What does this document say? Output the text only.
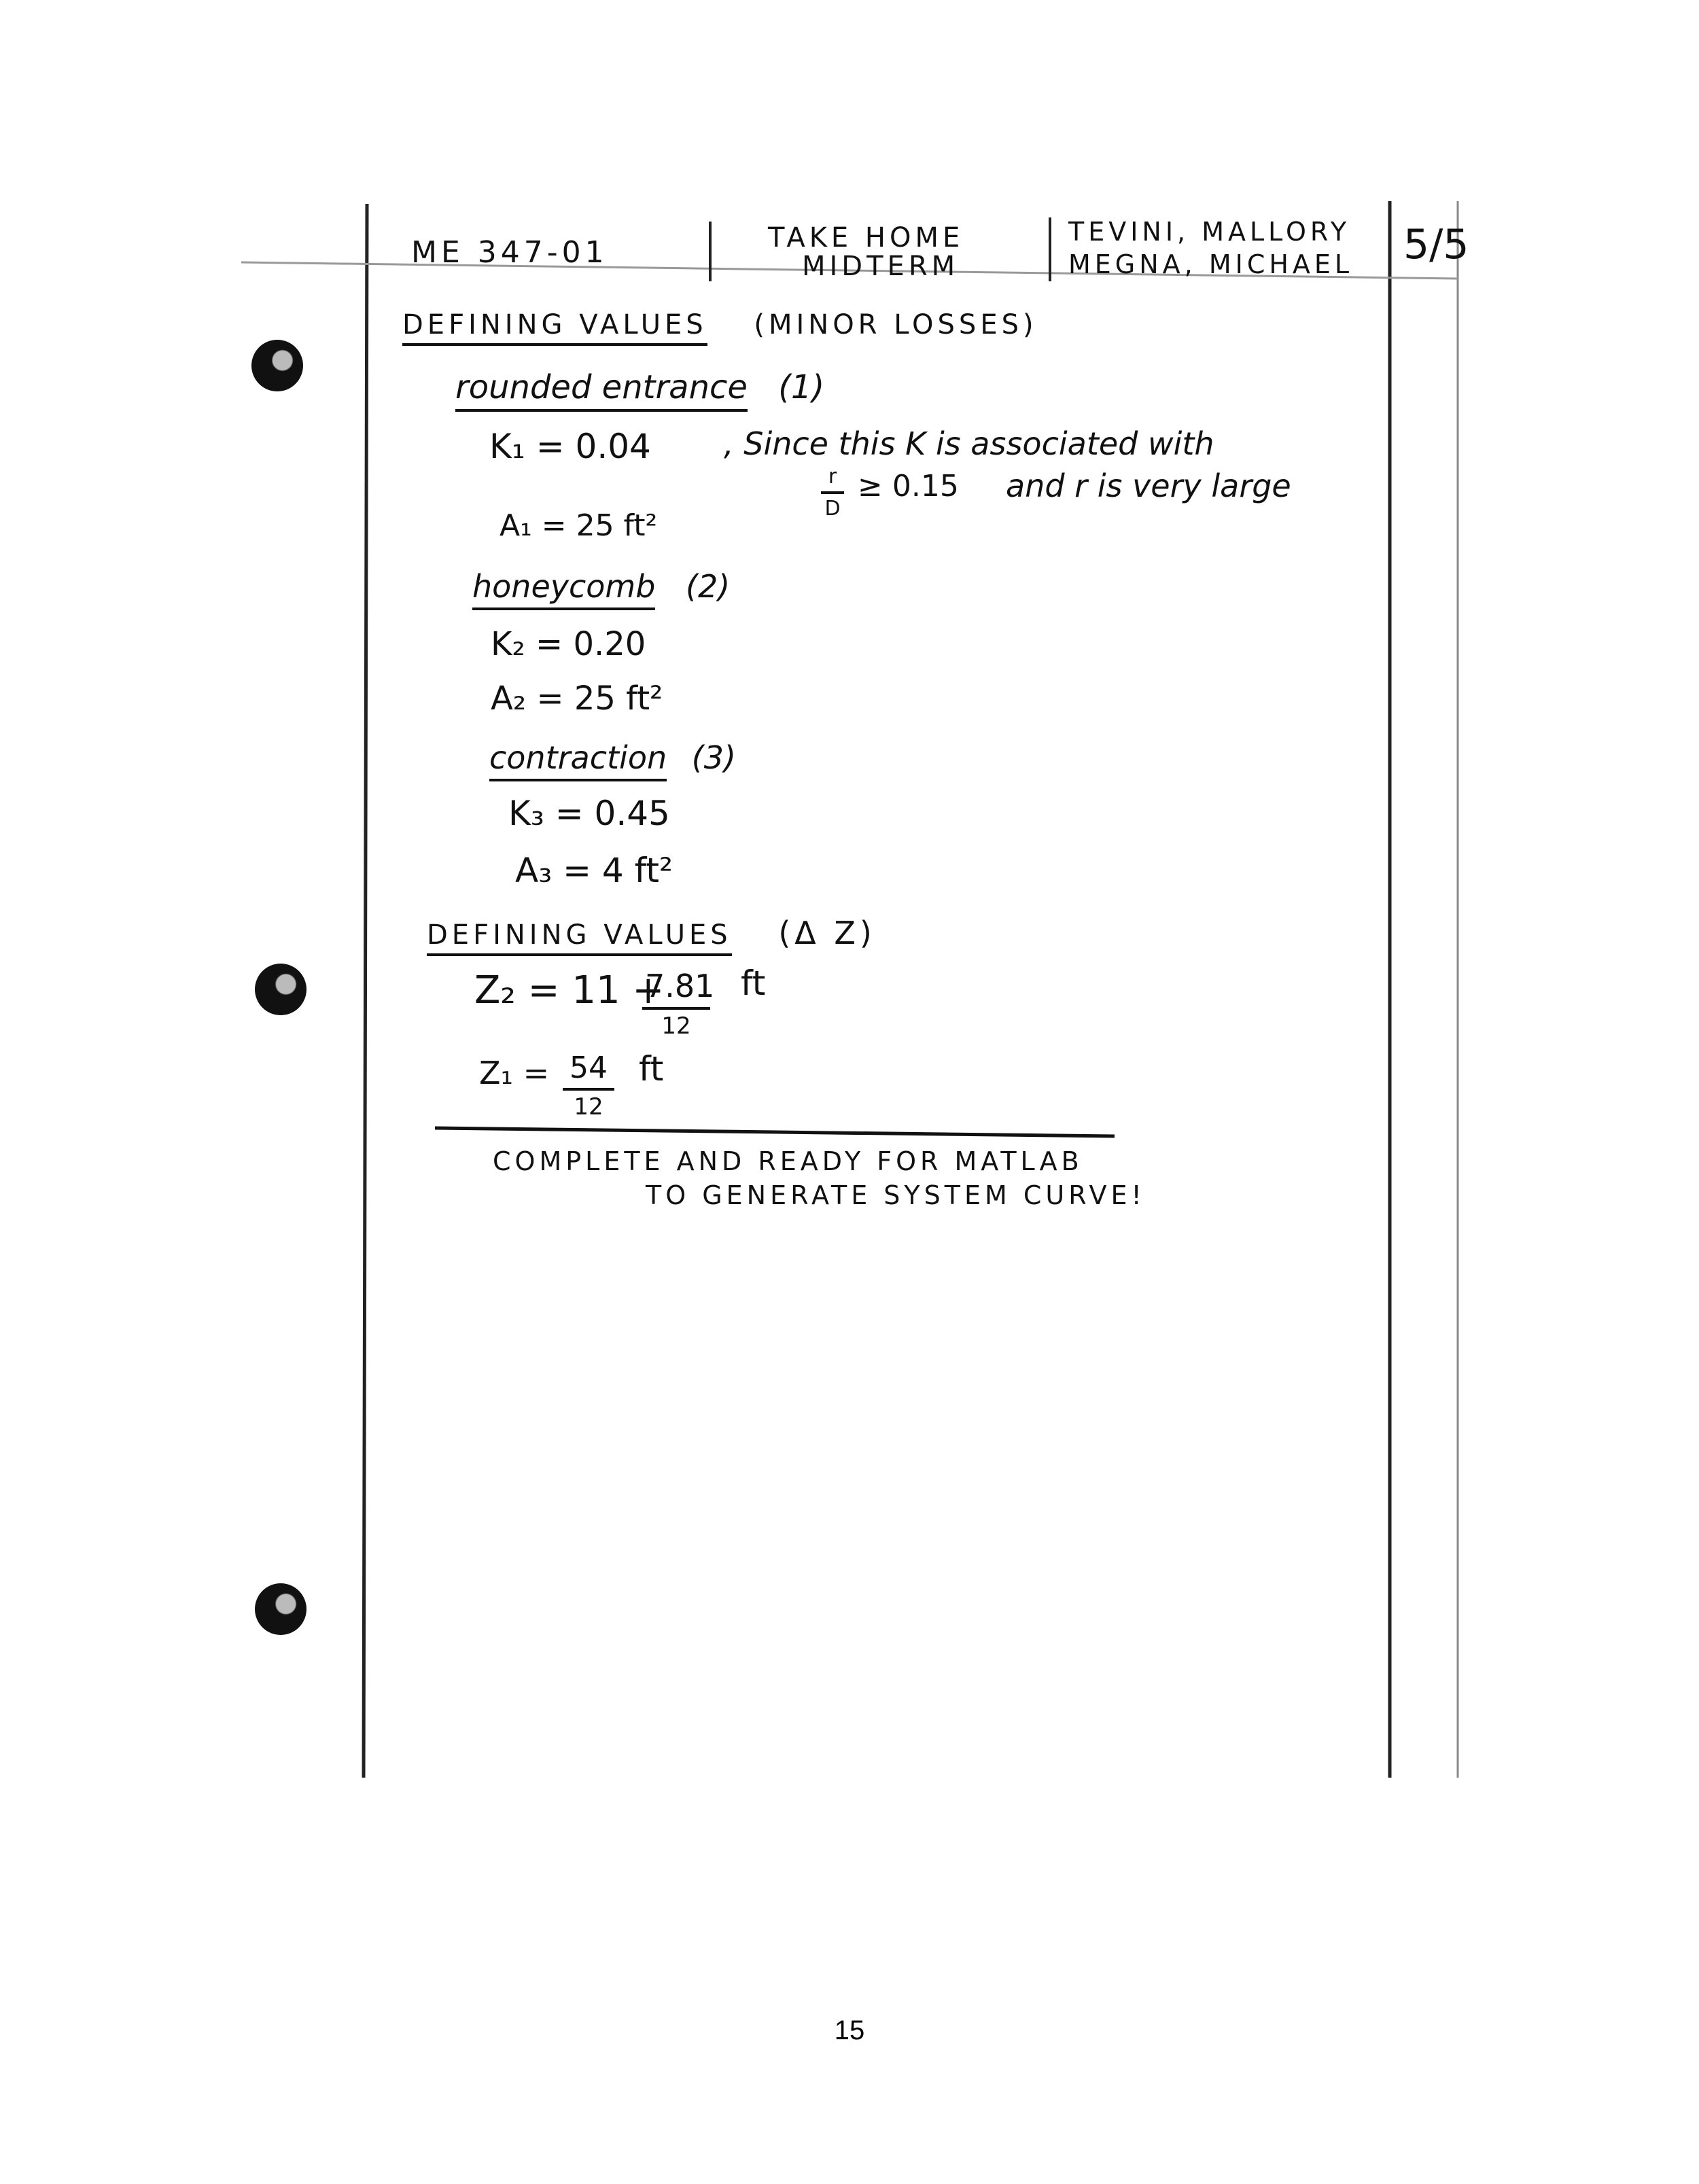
ME 347-01	TAKE HOME
MIDTERM
TEVINI, MALLORY
MEGNA, MICHAEL 5/5
DEFINING VALUES (MINOR LOSSES)
rounded entrance (1)
K₁ = 0.04 , Since this K is associated with
$\frac{r}{D} \ge 0.15$ and r is very large
A₁ = 25 ft²
honeycomb (2)
K₂ = 0.20
A₂ = 25 ft²
contraction (3)
K₃ = 0.45
A₃ = 4 ft²
DEFINING VALUES (Δ Z)
Z₂ = 11 +
7.81
12
ft
Z₁ = 54
12
ft
COMPLETE AND READY FOR MATLAB
TO GENERATE SYSTEM CURVE!
15
